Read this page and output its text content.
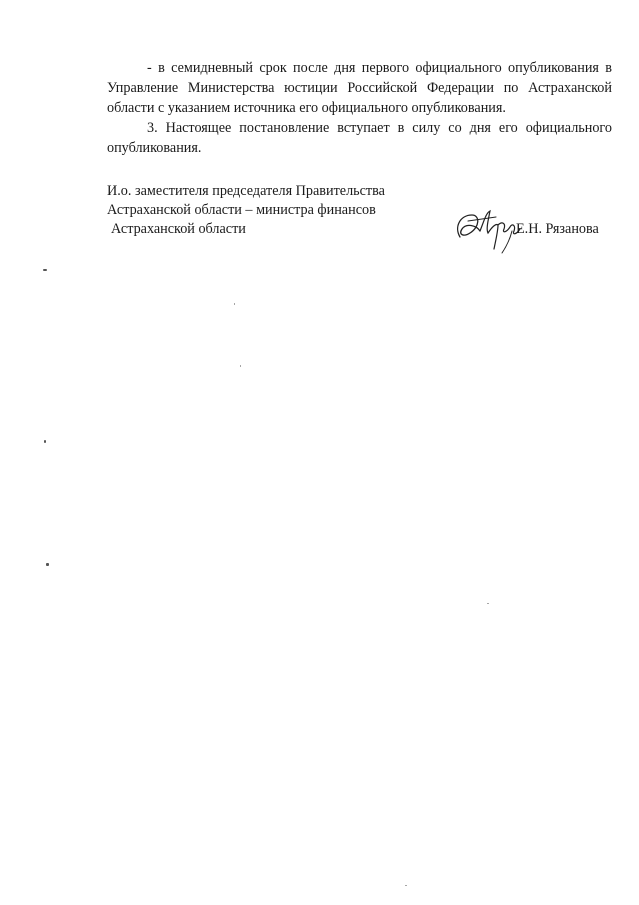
- в семидневный срок после дня первого официального опубликования в Управление Министерства юстиции Российской Федерации по Астраханской области с указанием источника его официального опубликования.

3. Настоящее постановление вступает в силу со дня его официального опубликования.

И.о. заместителя председателя Правительства
Астраханской области – министра финансов
Астраханской области	Е.Н. Рязанова
